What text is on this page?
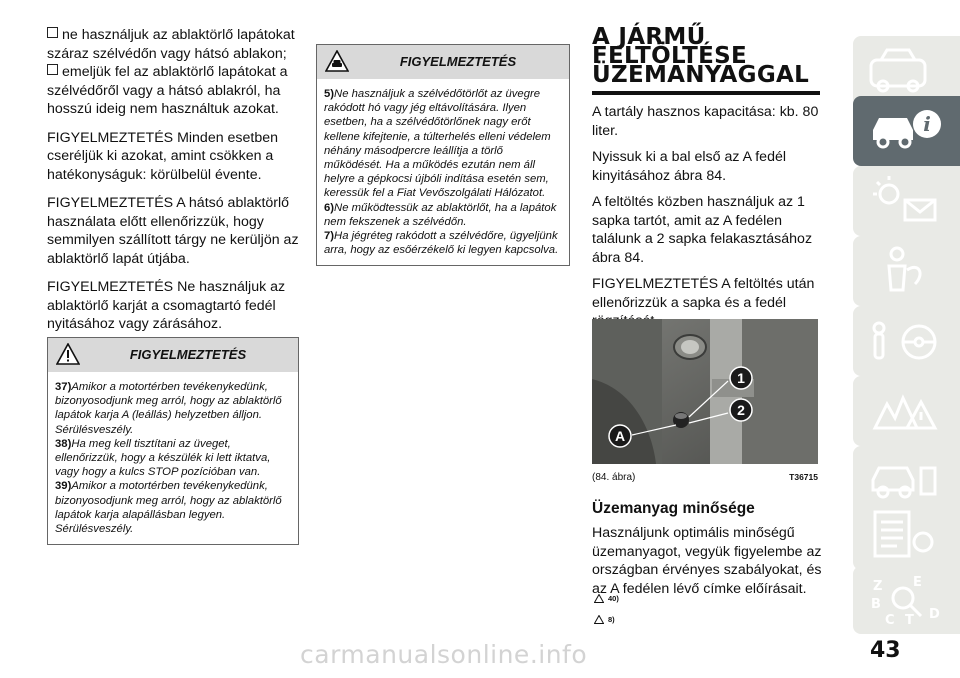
ne használjuk az ablaktörlő lapátokat száraz szélvédőn vagy hátsó ablakon;

emeljük fel az ablaktörlő lapátokat a szélvédőről vagy a hátsó ablakról, ha hosszú ideig nem használtuk azokat.

FIGYELMEZTETÉS Minden esetben cseréljük ki azokat, amint csökken a hatékonyságuk: körülbelül évente.

FIGYELMEZTETÉS A hátsó ablaktörlő használata előtt ellenőrizzük, hogy semmilyen szállított tárgy ne kerüljön az ablaktörlő lapát útjába.

FIGYELMEZTETÉS Ne használjuk az ablaktörlő karját a csomagtartó fedél nyitásához vagy zárásához.

FIGYELMEZTETÉS

37)Amikor a motortérben tevékenykedünk, bizonyosodjunk meg arról, hogy az ablaktörlő lapátok karja A (leállás) helyzetben álljon. Sérülésveszély.

38)Ha meg kell tisztítani az üveget, ellenőrizzük, hogy a készülék ki lett iktatva, vagy hogy a kulcs STOP pozícióban van.

39)Amikor a motortérben tevékenykedünk, bizonyosodjunk meg arról, hogy az ablaktörlő lapátok karja alapállásban legyen. Sérülésveszély.

FIGYELMEZTETÉS

5)Ne használjuk a szélvédőtörlőt az üvegre rakódott hó vagy jég eltávolítására. Ilyen esetben, ha a szélvédőtörlőnek nagy erőt kellene kifejtenie, a túlterhelés elleni védelem néhány másodpercre leállítja a törlő működését. Ha a működés ezután nem áll helyre a gépkocsi újbóli indítása esetén sem, keressük fel a Fiat Vevőszolgálati Hálózatot.

6)Ne működtessük az ablaktörlőt, ha a lapátok nem fekszenek a szélvédőn.

7)Ha jégréteg rakódott a szélvédőre, ügyeljünk arra, hogy az esőérzékelő ki legyen kapcsolva.

A JÁRMŰ
FELTÖLTÉSE
ÜZEMANYAGGAL

A tartály hasznos kapacitása: kb. 80 liter.

Nyissuk ki a bal első az A fedél kinyitásához ábra 84.

A feltöltés közben használjuk az 1 sapka tartót, amit az A fedélen találunk a 2 sapka felakasztásához ábra 84.

FIGYELMEZTETÉS A feltöltés után ellenőrizzük a sapka és a fedél

1
2
A
(84. ábra)	T36715
Üzemanyag minősége

Használjunk optimális minőségű üzemanyagot, vegyük figyelembe az országban érvényes szabályokat, és az A fedélen lévő címke előírásait.

40)
8)
i
Z E
B
C T D
43
carmanualsonline.info
